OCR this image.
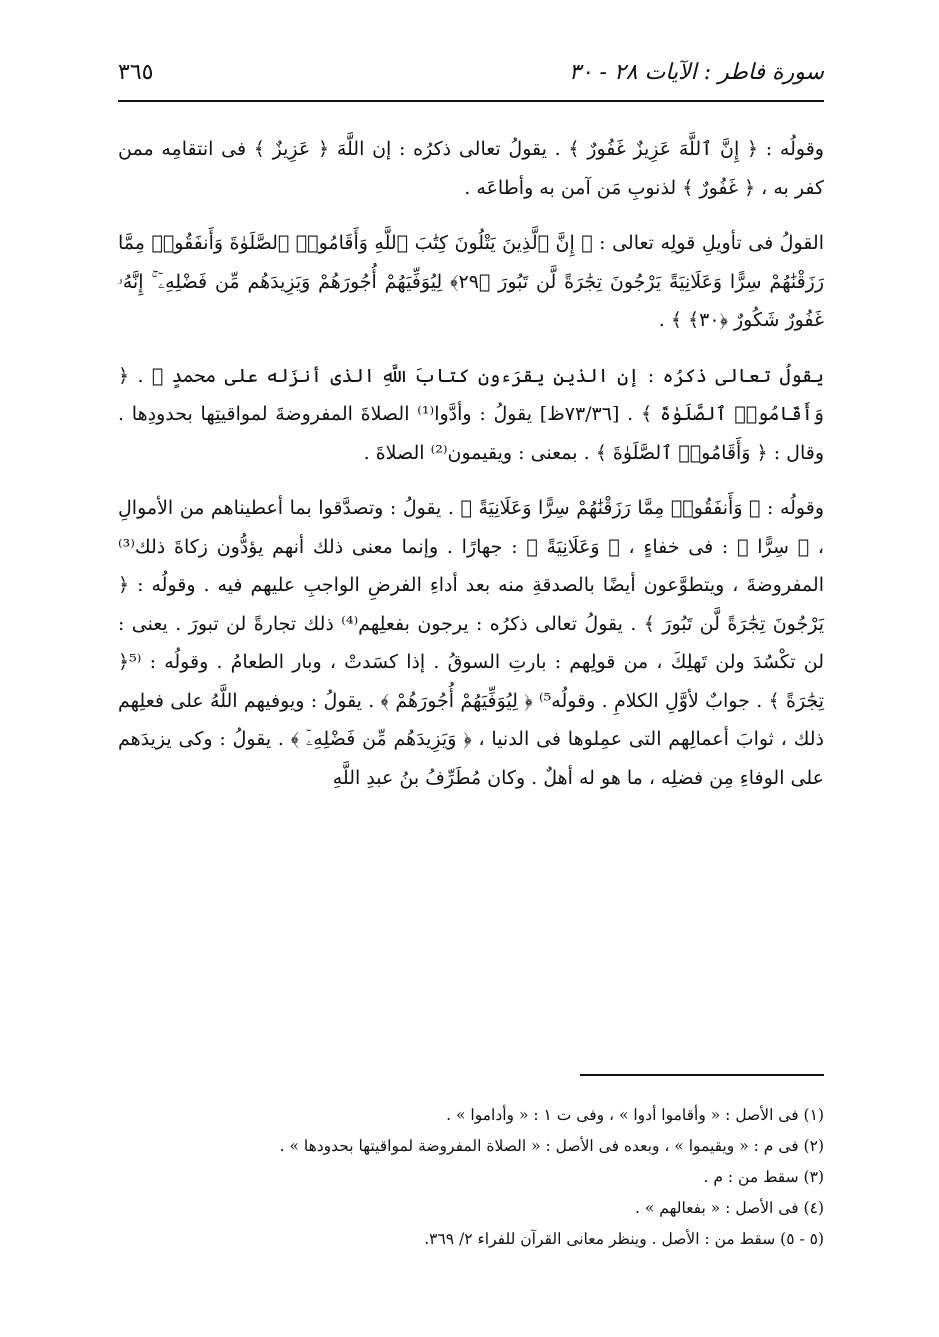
سورة فاطر : الآيات ٢٨ - ٣٠
٣٦٥

وقولُه : ﴿ إِنَّ ٱللَّهَ عَزِيزٌ غَفُورٌ ﴾ . يقولُ تعالى ذكرُه : إن اللَّهَ ﴿ عَزِيزٌ ﴾ فى انتقامِه ممن كفر به ، ﴿ غَفُورٌ ﴾ لذنوبِ مَن آمن به وأطاعَه .

القولُ فى تأويلِ قولِه تعالى : ﴿ إِنَّ ٱلَّذِينَ يَتْلُونَ كِتَٰبَ ٱللَّهِ وَأَقَامُوا۟ ٱلصَّلَوٰةَ وَأَنفَقُوا۟ مِمَّا رَزَقْنَٰهُمْ سِرًّا وَعَلَانِيَةً يَرْجُونَ تِجَٰرَةً لَّن تَبُورَ ﴿٢٩﴾ لِيُوَفِّيَهُمْ أُجُورَهُمْ وَيَزِيدَهُم مِّن فَضْلِهِۦٓ ۚ إِنَّهُۥ غَفُورٌ شَكُورٌ ﴿٣٠﴾ ﴾ .

يقولُ تعالى ذكرُه : إن الذين يقرَءون كتابَ اللَّهِ الذى أنزَله على محمدٍ ﷺ . ﴿ وَأَقَامُوا۟ ٱلصَّلَوٰةَ ﴾ . [٧٣/٣٦ظ] يقولُ : وأدَّوا⁽¹⁾ الصلاةَ المفروضةَ لمواقيتِها بحدودِها . وقال : ﴿ وَأَقَامُوا۟ ٱلصَّلَوٰةَ ﴾ . بمعنى : ويقيمون⁽²⁾ الصلاةَ .

وقولُه : ﴿ وَأَنفَقُوا۟ مِمَّا رَزَقْنَٰهُمْ سِرًّا وَعَلَانِيَةً ﴾ . يقولُ : وتصدَّقوا بما أعطيناهم من الأموالِ ، ﴿ سِرًّا ﴾ : فى خفاءٍ ، ﴿ وَعَلَانِيَةً ﴾ : جهارًا . وإنما معنى ذلك أنهم يؤدُّون زكاةَ ذلك⁽³⁾ المفروضةَ ، ويتطوَّعون أيضًا بالصدقةِ منه بعد أداءِ الفرضِ الواجبِ عليهم فيه . وقولُه : ﴿ يَرْجُونَ تِجَٰرَةً لَّن تَبُورَ ﴾ . يقولُ تعالى ذكرُه : يرجون بفعلِهم⁽⁴⁾ ذلك تجارةً لن تبورَ . يعنى : لن تكْسُدَ ولن تَهلِكَ ، من قولِهم : بارتِ السوقُ . إذا كسَدتْ ، وبار الطعامُ . وقولُه : ⁽⁵﴿ تِجَٰرَةً ﴾ . جوابٌ لأوَّلِ الكلامِ . وقولُه⁵⁾ ﴿ لِيُوَفِّيَهُمْ أُجُورَهُمْ ﴾ . يقولُ : ويوفيهم اللَّهُ على فعلِهم ذلك ، ثوابَ أعمالِهم التى عمِلوها فى الدنيا ، ﴿ وَيَزِيدَهُم مِّن فَضْلِهِۦٓ ﴾ . يقولُ : وكى يزيدَهم على الوفاءِ مِن فضلِه ، ما هو له أهلٌ . وكان مُطَرِّفُ بنُ عبدِ اللَّهِ

(١) فى الأصل : « وأقاموا أدوا » ، وفى ت ١ : « وأداموا » .
(٢) فى م : « ويقيموا » ، وبعده فى الأصل : « الصلاة المفروضة لمواقيتها بحدودها » .
(٣) سقط من : م .
(٤) فى الأصل : « بفعالهم » .
(٥ - ٥) سقط من : الأصل . وينظر معانى القرآن للفراء ٢/ ٣٦٩.
